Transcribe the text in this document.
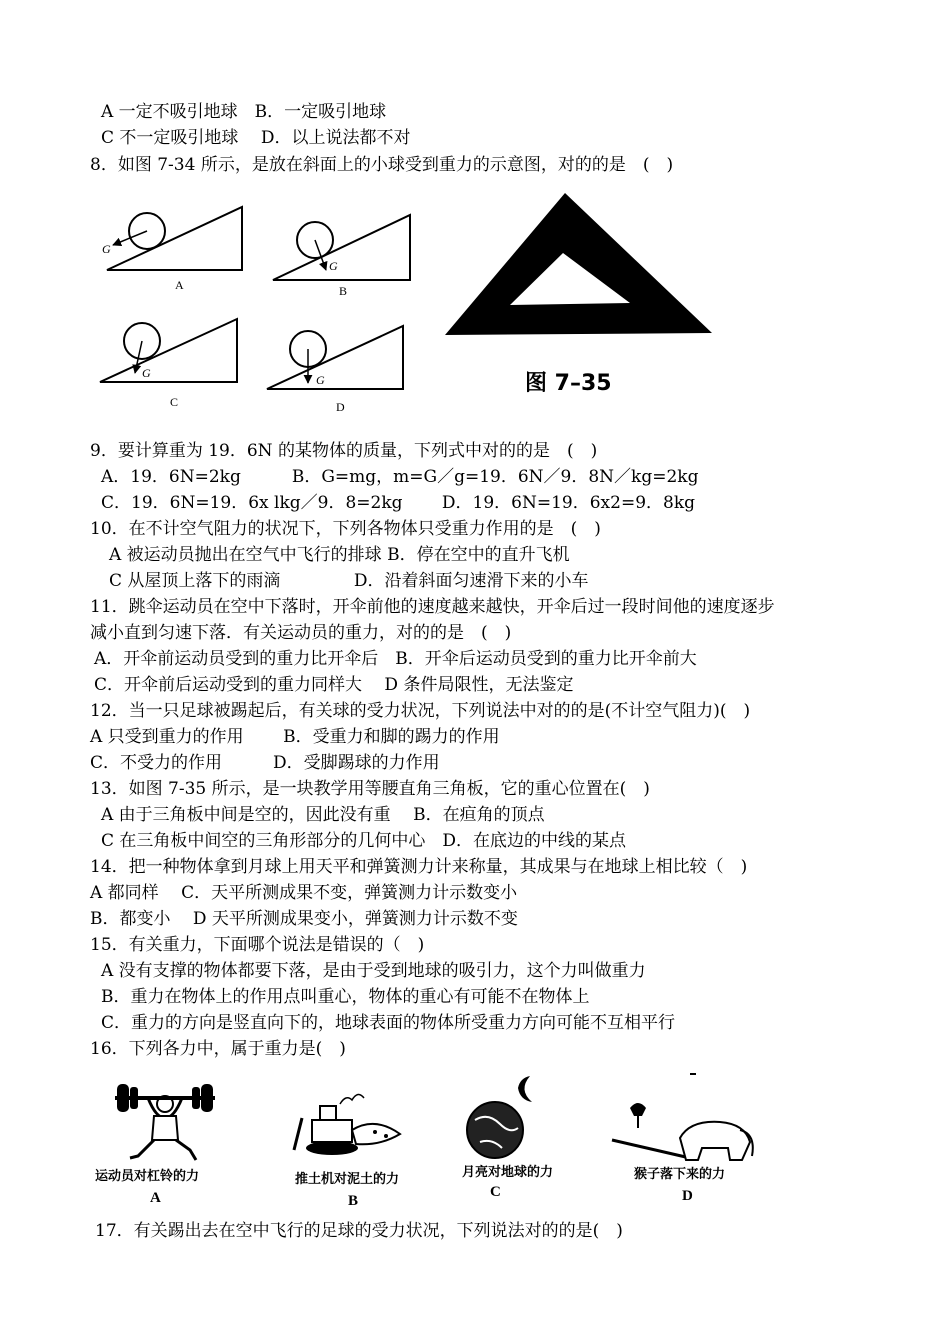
A 一定不吸引地球　B．一定吸引地球
C 不一定吸引地球　 D．以上说法都不对
8．如图 7-34 所示，是放在斜面上的小球受到重力的示意图，对的的是　(　)
9．要计算重为 19．6N 的某物体的质量，下列式中对的的是　(　)
A．19．6N=2kg　　　B．G=mg，m=G／g=19．6N／9．8N／kg=2kg
C．19．6N=19．6x lkg／9．8=2kg　　 D．19．6N=19．6x2=9．8kg
10．在不计空气阻力的状况下，下列各物体只受重力作用的是　(　)
A 被运动员抛出在空气中飞行的排球 B．停在空中的直升飞机
C 从屋顶上落下的雨滴　　　　 D．沿着斜面匀速滑下来的小车
11．跳伞运动员在空中下落时，开伞前他的速度越来越快，开伞后过一段时间他的速度逐步
减小直到匀速下落．有关运动员的重力，对的的是　(　)
A．开伞前运动员受到的重力比开伞后　B．开伞后运动员受到的重力比开伞前大
C．开伞前后运动受到的重力同样大　 D 条件局限性，无法鉴定
12．当一只足球被踢起后，有关球的受力状况，下列说法中对的的是(不计空气阻力)(　)
A 只受到重力的作用　　 B．受重力和脚的踢力的作用
C．不受力的作用　　　D．受脚踢球的力作用
13．如图 7-35 所示，是一块教学用等腰直角三角板，它的重心位置在(　)
A 由于三角板中间是空的，因此没有重　 B．在疸角的顶点
C 在三角板中间空的三角形部分的几何中心　D．在底边的中线的某点
14．把一种物体拿到月球上用天平和弹簧测力计来称量，其成果与在地球上相比较（　)
A 都同样　 C．天平所测成果不变，弹簧测力计示数变小
B．都变小　 D 天平所测成果变小，弹簧测力计示数不变
15．有关重力，下面哪个说法是错误的（　)
A 没有支撑的物体都要下落，是由于受到地球的吸引力，这个力叫做重力
B．重力在物体上的作用点叫重心，物体的重心有可能不在物体上
C．重力的方向是竖直向下的，地球表面的物体所受重力方向可能不互相平行
16．下列各力中，属于重力是(　)
17．有关踢出去在空中飞行的足球的受力状况，下列说法对的的是(　)
G
A
G
B
G
C
G
D
图 7–35
运动员对杠铃的力
A
推土机对泥土的力
B
月亮对地球的力
C
猴子落下来的力
D
